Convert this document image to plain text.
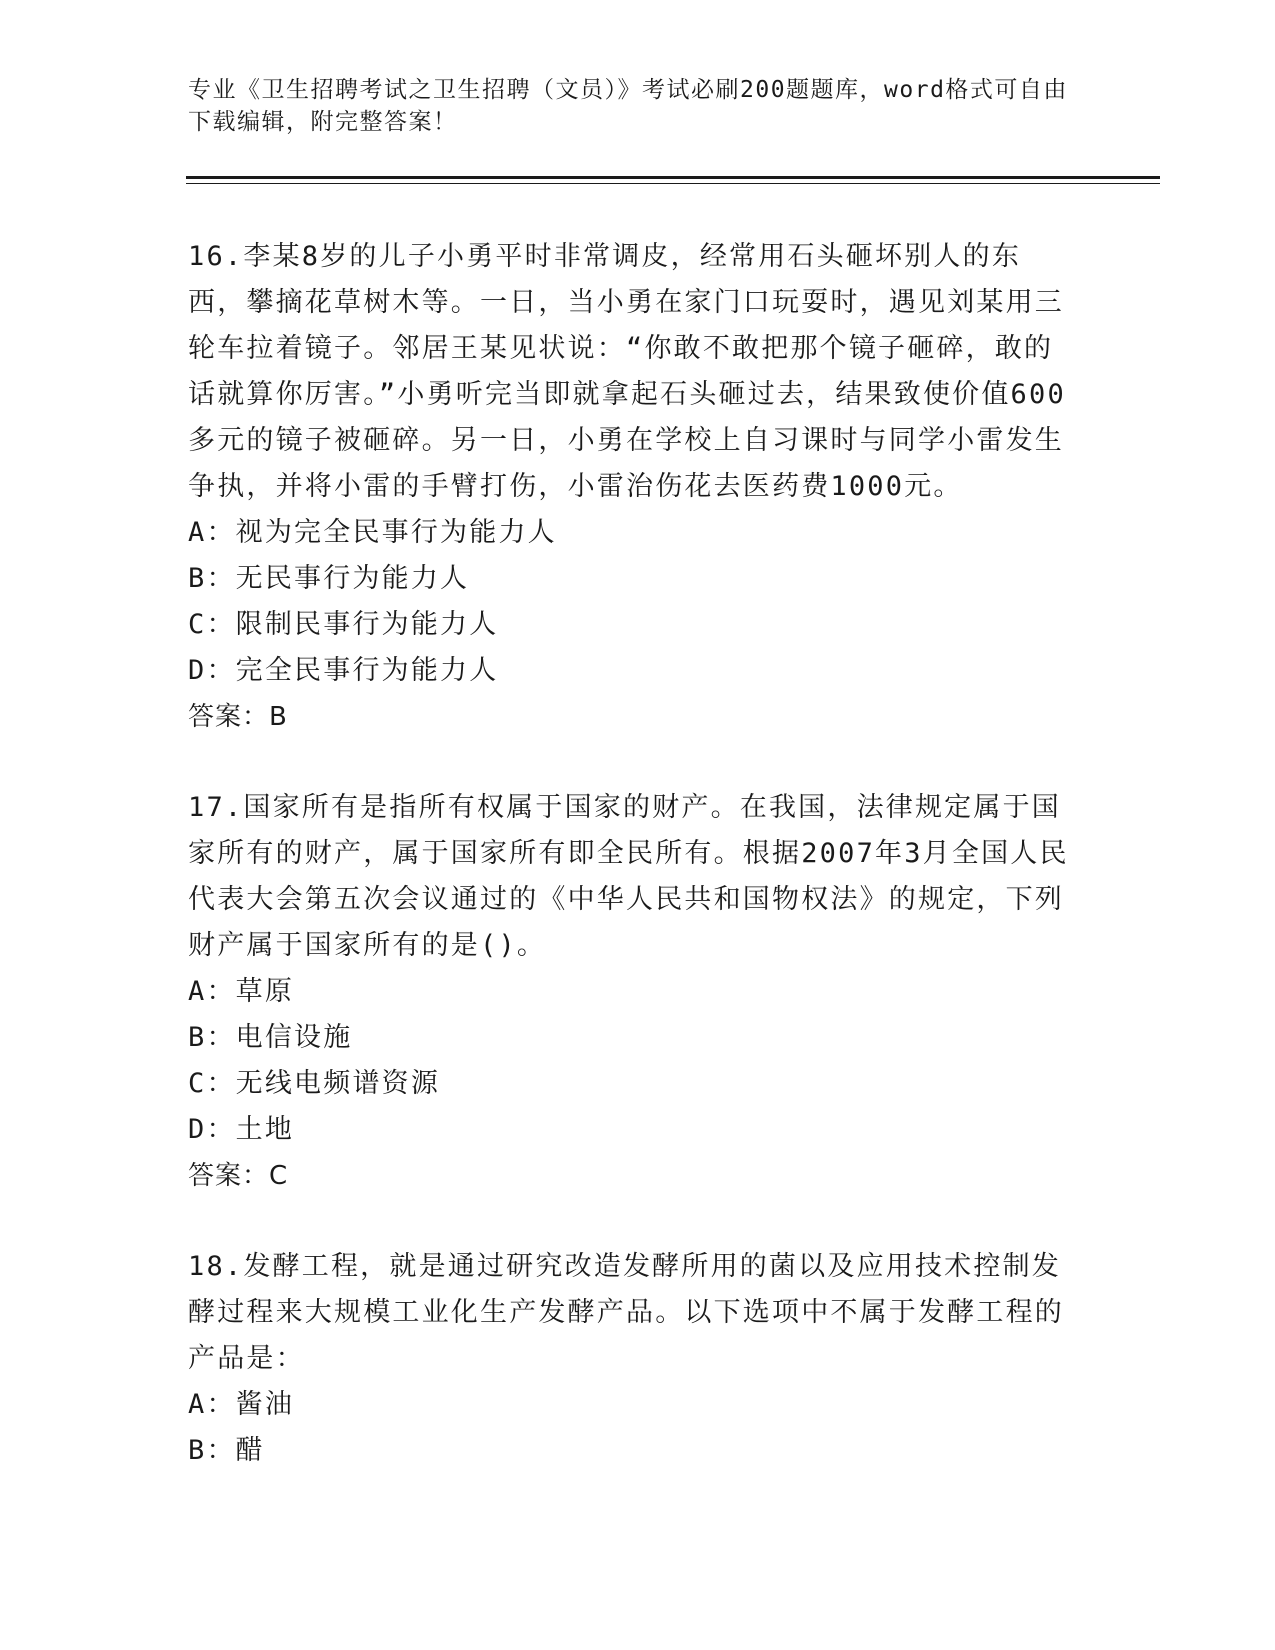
专业《卫生招聘考试之卫生招聘（文员）》考试必刷200题题库，word格式可自由下载编辑，附完整答案！

16.李某8岁的儿子小勇平时非常调皮，经常用石头砸坏别人的东西，攀摘花草树木等。一日，当小勇在家门口玩耍时，遇见刘某用三轮车拉着镜子。邻居王某见状说：“你敢不敢把那个镜子砸碎，敢的话就算你厉害。”小勇听完当即就拿起石头砸过去，结果致使价值600多元的镜子被砸碎。另一日，小勇在学校上自习课时与同学小雷发生争执，并将小雷的手臂打伤，小雷治伤花去医药费1000元。

A：视为完全民事行为能力人

B：无民事行为能力人

C：限制民事行为能力人

D：完全民事行为能力人

答案：B

17.国家所有是指所有权属于国家的财产。在我国，法律规定属于国家所有的财产，属于国家所有即全民所有。根据2007年3月全国人民代表大会第五次会议通过的《中华人民共和国物权法》的规定，下列财产属于国家所有的是()。

A：草原

B：电信设施

C：无线电频谱资源

D：土地

答案：C

18.发酵工程，就是通过研究改造发酵所用的菌以及应用技术控制发酵过程来大规模工业化生产发酵产品。以下选项中不属于发酵工程的产品是：

A：酱油

B：醋
